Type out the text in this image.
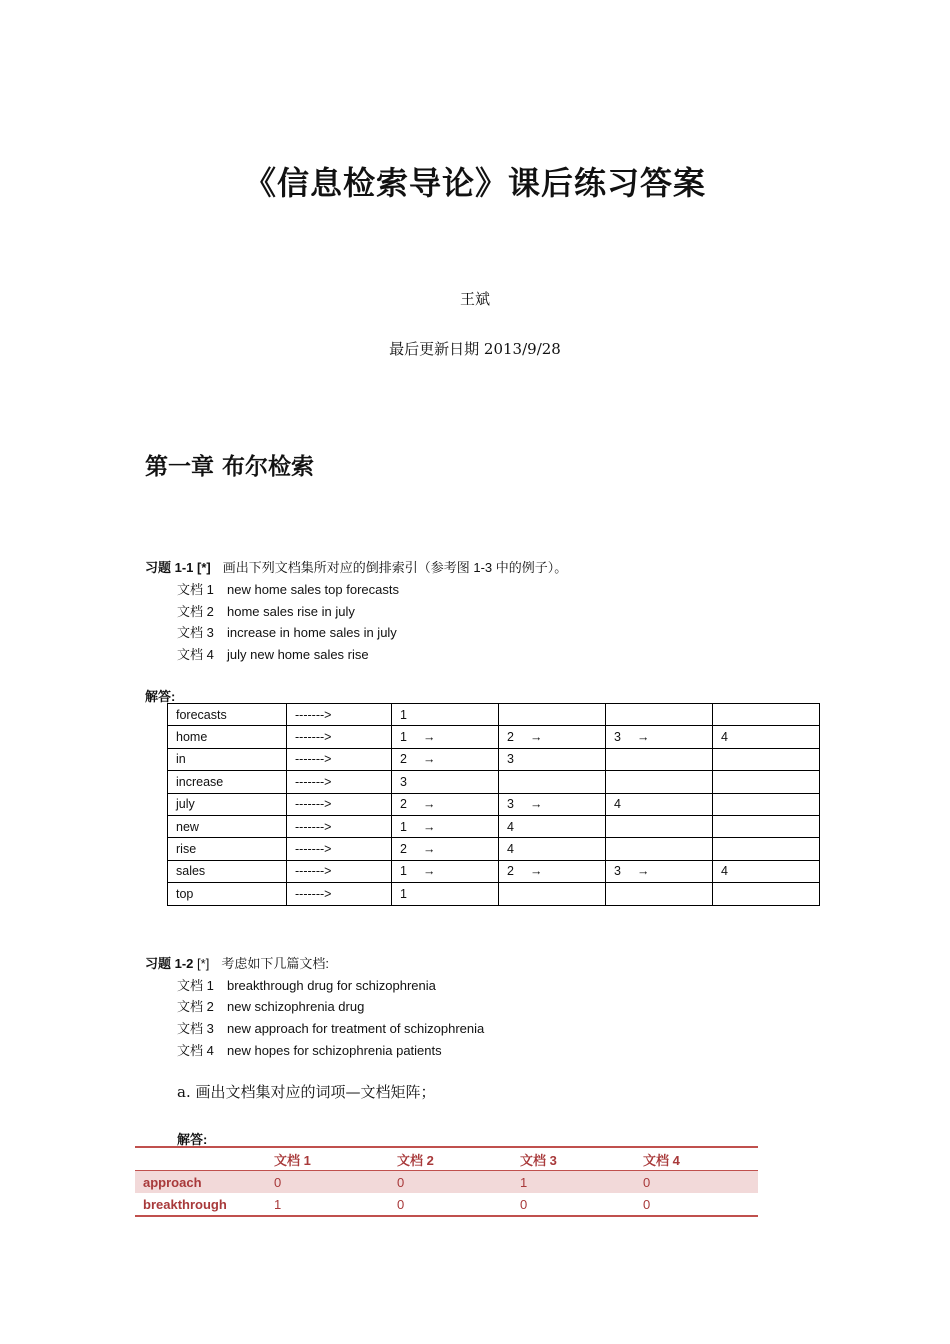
《信息检索导论》课后练习答案
王斌
最后更新日期 2013/9/28
第一章 布尔检索
习题 1-1 [*] 画出下列文档集所对应的倒排索引（参考图 1-3 中的例子）。
文档 1 new home sales top forecasts
文档 2 home sales rise in july
文档 3 increase in home sales in july
文档 4 july new home sales rise
解答:
forecasts	------->	1			
home	------->	1 →	2 →	3 →	4
in	------->	2 →	3		
increase	------->	3			
july	------->	2 →	3 →	4	
new	------->	1 →	4		
rise	------->	2 →	4		
sales	------->	1 →	2 →	3 →	4
top	------->	1			
习题 1-2 [*] 考虑如下几篇文档:
文档 1 breakthrough drug for schizophrenia
文档 2 new schizophrenia drug
文档 3 new approach for treatment of schizophrenia
文档 4 new hopes for schizophrenia patients
a. 画出文档集对应的词项—文档矩阵；
解答:
	文档 1	文档 2	文档 3	文档 4
approach	0	0	1	0
breakthrough	1	0	0	0
